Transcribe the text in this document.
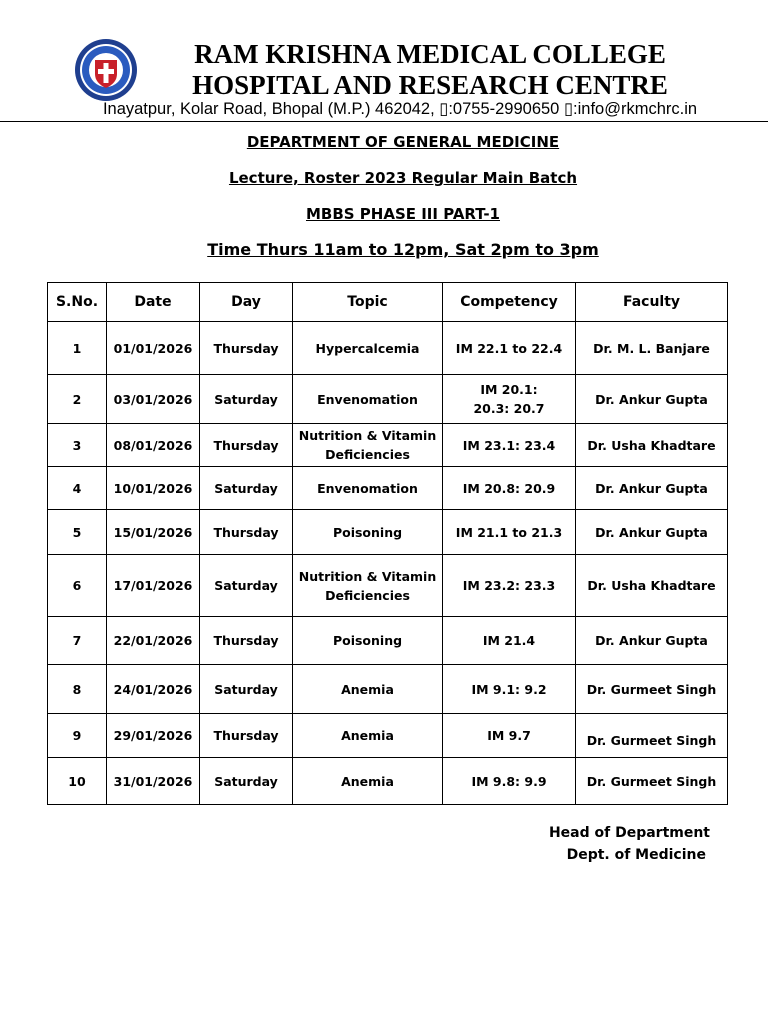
RAM KRISHNA MEDICAL COLLEGE
HOSPITAL AND RESEARCH CENTRE
Inayatpur, Kolar Road, Bhopal (M.P.) 462042, ▯:0755-2990650 ▯:info@rkmchrc.in
DEPARTMENT OF GENERAL MEDICINE
Lecture, Roster 2023 Regular Main Batch
MBBS PHASE III PART-1
Time Thurs 11am to 12pm, Sat 2pm to 3pm
S.No.	Date	Day	Topic	Competency	Faculty
1	01/01/2026	Thursday	Hypercalcemia	IM 22.1 to 22.4	Dr. M. L. Banjare
2	03/01/2026	Saturday	Envenomation	IM 20.1: 20.3: 20.7	Dr. Ankur Gupta
3	08/01/2026	Thursday	Nutrition & Vitamin Deficiencies	IM 23.1: 23.4	Dr. Usha Khadtare
4	10/01/2026	Saturday	Envenomation	IM 20.8: 20.9	Dr. Ankur Gupta
5	15/01/2026	Thursday	Poisoning	IM 21.1 to 21.3	Dr. Ankur Gupta
6	17/01/2026	Saturday	Nutrition & Vitamin Deficiencies	IM 23.2: 23.3	Dr. Usha Khadtare
7	22/01/2026	Thursday	Poisoning	IM 21.4	Dr. Ankur Gupta
8	24/01/2026	Saturday	Anemia	IM 9.1: 9.2	Dr. Gurmeet Singh
9	29/01/2026	Thursday	Anemia	IM 9.7	Dr. Gurmeet Singh
10	31/01/2026	Saturday	Anemia	IM 9.8: 9.9	Dr. Gurmeet Singh
Head of Department
Dept. of Medicine
